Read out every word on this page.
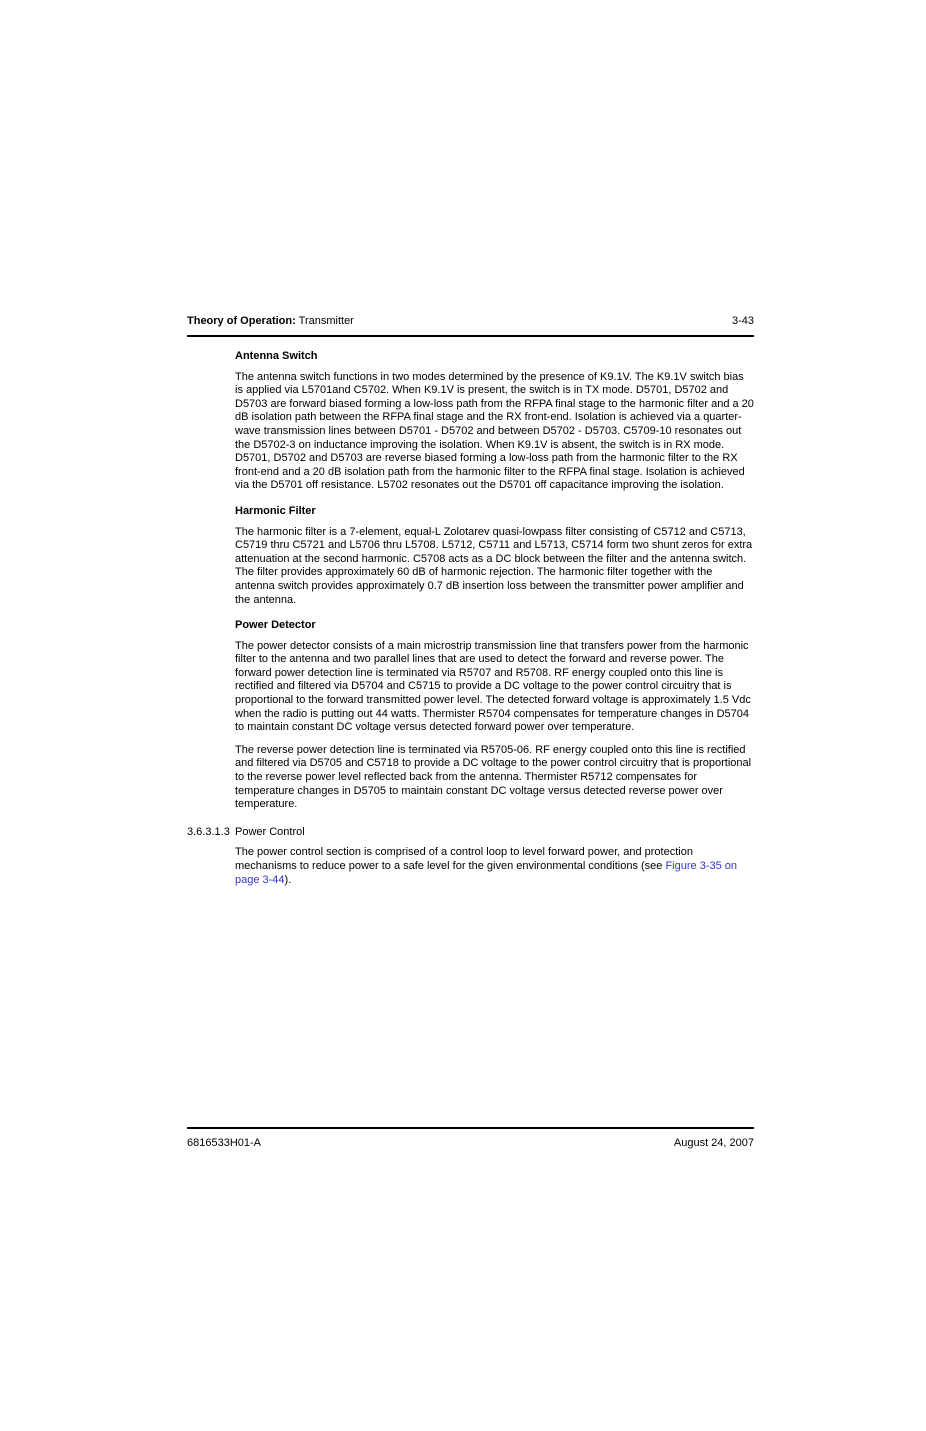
Theory of Operation: Transmitter	3-43
Antenna Switch

The antenna switch functions in two modes determined by the presence of K9.1V. The K9.1V switch bias is applied via L5701and C5702. When K9.1V is present, the switch is in TX mode. D5701, D5702 and D5703 are forward biased forming a low-loss path from the RFPA final stage to the harmonic filter and a 20 dB isolation path between the RFPA final stage and the RX front-end. Isolation is achieved via a quarter-wave transmission lines between D5701 - D5702 and between D5702 - D5703. C5709-10 resonates out the D5702-3 on inductance improving the isolation. When K9.1V is absent, the switch is in RX mode. D5701, D5702 and D5703 are reverse biased forming a low-loss path from the harmonic filter to the RX front-end and a 20 dB isolation path from the harmonic filter to the RFPA final stage. Isolation is achieved via the D5701 off resistance. L5702 resonates out the D5701 off capacitance improving the isolation.

Harmonic Filter

The harmonic filter is a 7-element, equal-L Zolotarev quasi-lowpass filter consisting of C5712 and C5713, C5719 thru C5721 and L5706 thru L5708. L5712, C5711 and L5713, C5714 form two shunt zeros for extra attenuation at the second harmonic. C5708 acts as a DC block between the filter and the antenna switch. The filter provides approximately 60 dB of harmonic rejection. The harmonic filter together with the antenna switch provides approximately 0.7 dB insertion loss between the transmitter power amplifier and the antenna.

Power Detector

The power detector consists of a main microstrip transmission line that transfers power from the harmonic filter to the antenna and two parallel lines that are used to detect the forward and reverse power. The forward power detection line is terminated via R5707 and R5708. RF energy coupled onto this line is rectified and filtered via D5704 and C5715 to provide a DC voltage to the power control circuitry that is proportional to the forward transmitted power level. The detected forward voltage is approximately 1.5 Vdc when the radio is putting out 44 watts. Thermister R5704 compensates for temperature changes in D5704 to maintain constant DC voltage versus detected forward power over temperature.

The reverse power detection line is terminated via R5705-06. RF energy coupled onto this line is rectified and filtered via D5705 and C5718 to provide a DC voltage to the power control circuitry that is proportional to the reverse power level reflected back from the antenna. Thermister R5712 compensates for temperature changes in D5705 to maintain constant DC voltage versus detected reverse power over temperature.

3.6.3.1.3 Power Control

The power control section is comprised of a control loop to level forward power, and protection mechanisms to reduce power to a safe level for the given environmental conditions (see Figure 3-35 on page 3-44).

6816533H01-A	August 24, 2007
